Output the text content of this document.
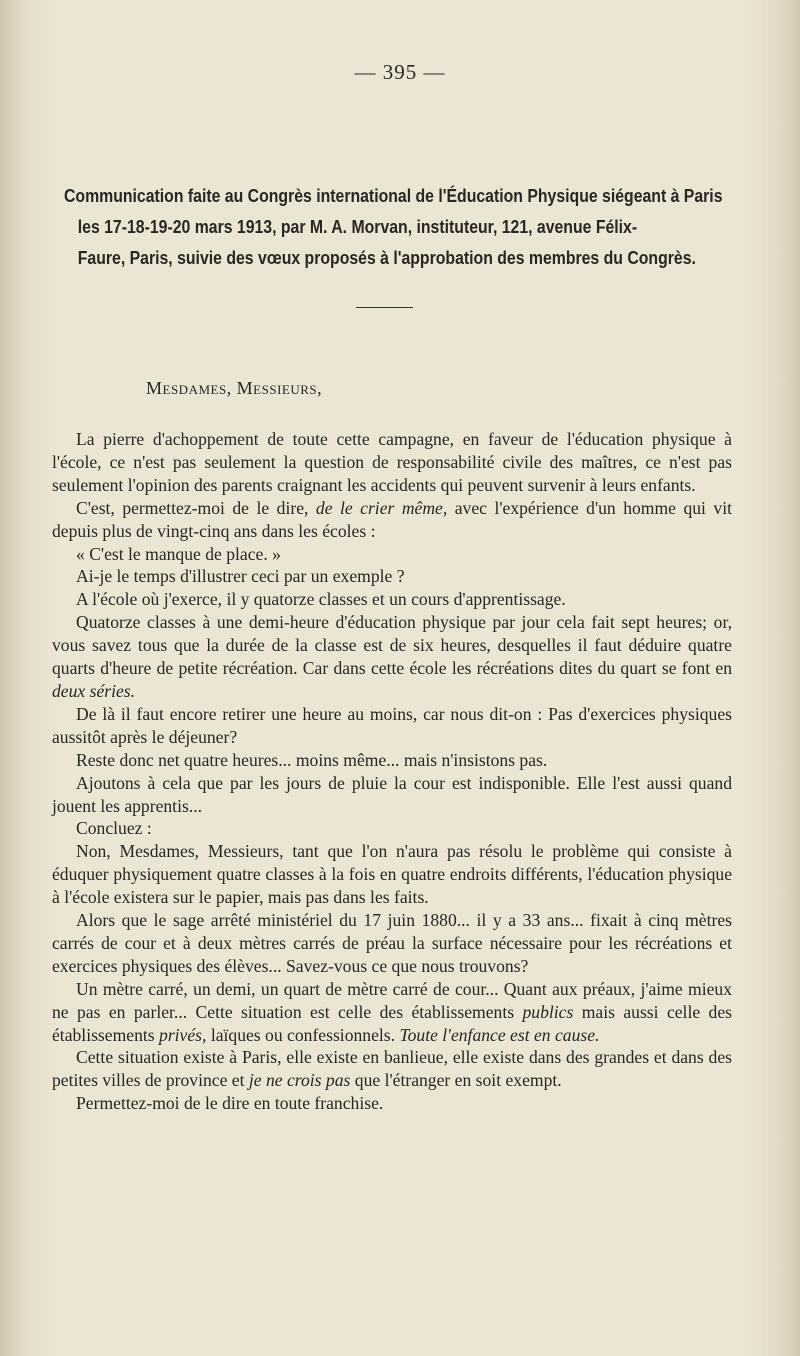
— 395 —
Communication faite au Congrès international de l'Éducation Physique siégeant à Paris
les 17-18-19-20 mars 1913, par M. A. Morvan, instituteur, 121, avenue Félix-
Faure, Paris, suivie des vœux proposés à l'approbation des membres du Congrès.
Mesdames, Messieurs,

La pierre d'achoppement de toute cette campagne, en faveur de l'éducation physique à l'école, ce n'est pas seulement la question de responsabilité civile des maîtres, ce n'est pas seulement l'opinion des parents craignant les accidents qui peuvent survenir à leurs enfants.

C'est, permettez-moi de le dire, de le crier même, avec l'expérience d'un homme qui vit depuis plus de vingt-cinq ans dans les écoles :

« C'est le manque de place. »

Ai-je le temps d'illustrer ceci par un exemple ?

A l'école où j'exerce, il y quatorze classes et un cours d'apprentissage.

Quatorze classes à une demi-heure d'éducation physique par jour cela fait sept heures; or, vous savez tous que la durée de la classe est de six heures, desquelles il faut déduire quatre quarts d'heure de petite récréation. Car dans cette école les récréations dites du quart se font en deux séries.

De là il faut encore retirer une heure au moins, car nous dit-on : Pas d'exercices physiques aussitôt après le déjeuner?

Reste donc net quatre heures... moins même... mais n'insistons pas.

Ajoutons à cela que par les jours de pluie la cour est indisponible. Elle l'est aussi quand jouent les apprentis...

Concluez :

Non, Mesdames, Messieurs, tant que l'on n'aura pas résolu le problème qui consiste à éduquer physiquement quatre classes à la fois en quatre endroits différents, l'éducation physique à l'école existera sur le papier, mais pas dans les faits.

Alors que le sage arrêté ministériel du 17 juin 1880... il y a 33 ans... fixait à cinq mètres carrés de cour et à deux mètres carrés de préau la surface nécessaire pour les récréations et exercices physiques des élèves... Savez-vous ce que nous trouvons?

Un mètre carré, un demi, un quart de mètre carré de cour... Quant aux préaux, j'aime mieux ne pas en parler... Cette situation est celle des établissements publics mais aussi celle des établissements privés, laïques ou confessionnels. Toute l'enfance est en cause.

Cette situation existe à Paris, elle existe en banlieue, elle existe dans des grandes et dans des petites villes de province et je ne crois pas que l'étranger en soit exempt.

Permettez-moi de le dire en toute franchise.
